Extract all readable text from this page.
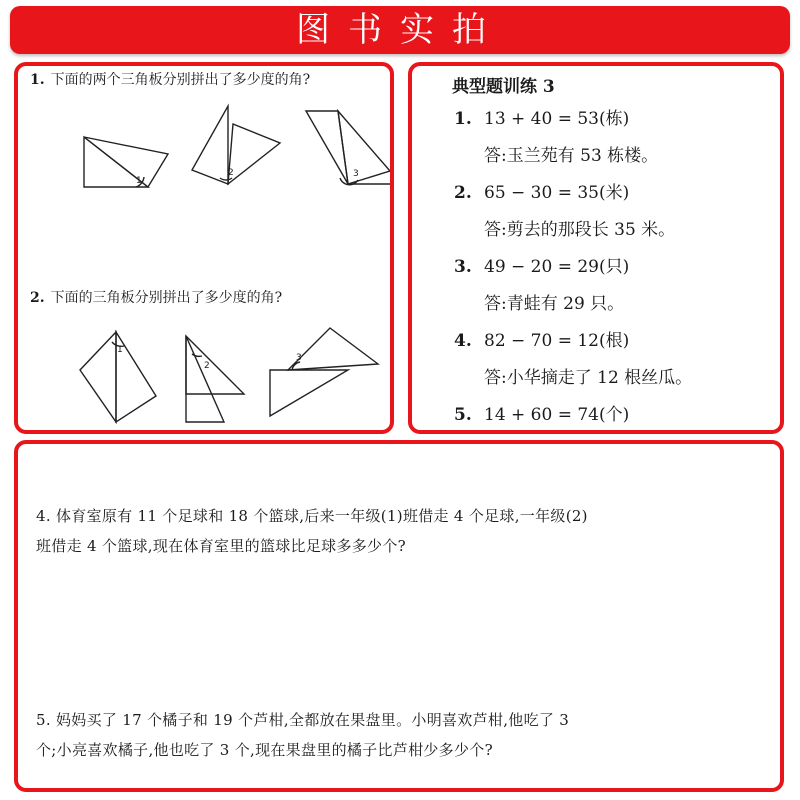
图书实拍
1. 下面的两个三角板分别拼出了多少度的角?
2. 下面的三角板分别拼出了多少度的角?
1
2	3
1
2
3
典型题训练 3
1. 13 + 40 = 53(栋)
答:玉兰苑有 53 栋楼。
2. 65 − 30 = 35(米)
答:剪去的那段长 35 米。
3. 49 − 20 = 29(只)
答:青蛙有 29 只。
4. 82 − 70 = 12(根)
答:小华摘走了 12 根丝瓜。
5. 14 + 60 = 74(个)
4. 体育室原有 11 个足球和 18 个篮球,后来一年级(1)班借走 4 个足球,一年级(2)
班借走 4 个篮球,现在体育室里的篮球比足球多多少个?
5. 妈妈买了 17 个橘子和 19 个芦柑,全都放在果盘里。小明喜欢芦柑,他吃了 3
个;小亮喜欢橘子,他也吃了 3 个,现在果盘里的橘子比芦柑少多少个?
